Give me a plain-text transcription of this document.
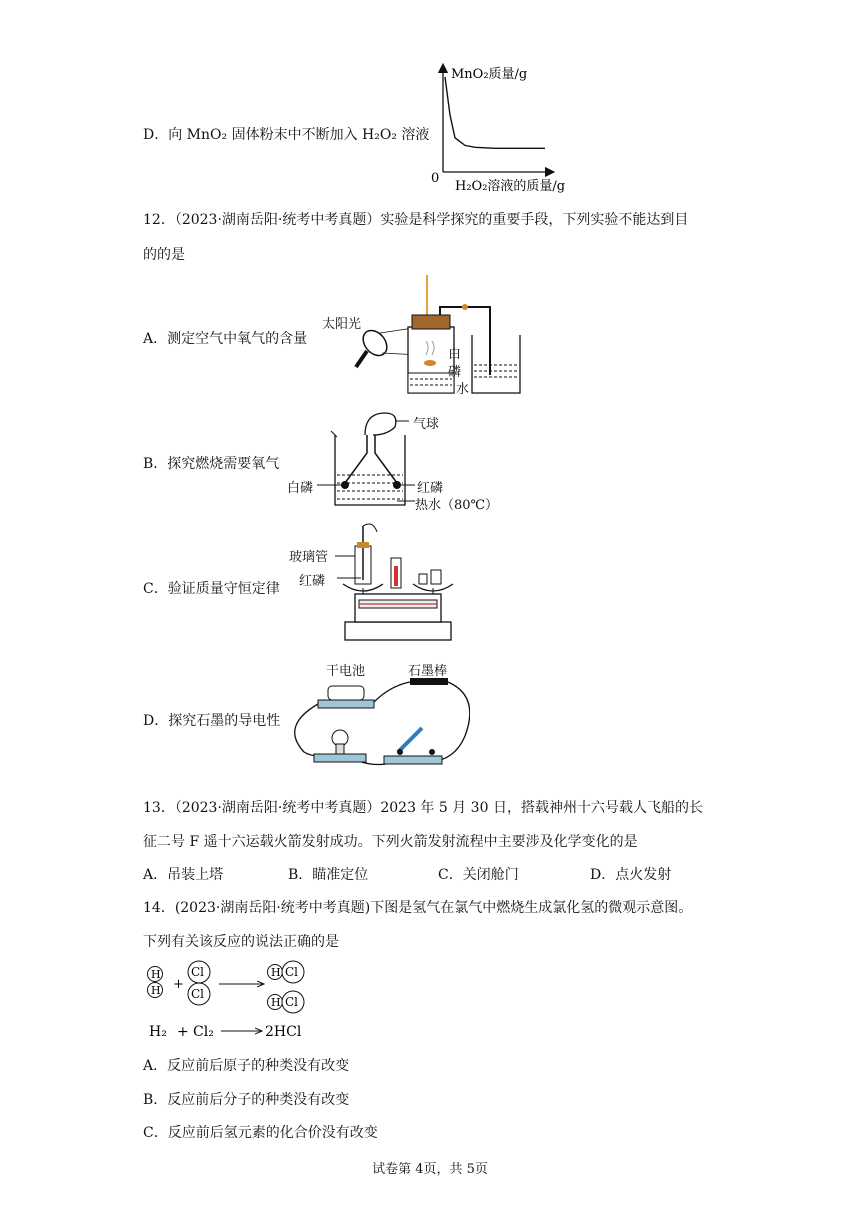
D．向 MnO₂ 固体粉末中不断加入 H₂O₂ 溶液
MnO₂质量/g
0
H₂O₂溶液的质量/g
12．（2023·湖南岳阳·统考中考真题）实验是科学探究的重要手段，下列实验不能达到目
的的是
A．测定空气中氧气的含量
太阳光
白
磷
水
B．探究燃烧需要氧气
气球
白磷	红磷
热水（80℃）
C．验证质量守恒定律
玻璃管
红磷
D．探究石墨的导电性
干电池	石墨棒
13．（2023·湖南岳阳·统考中考真题）2023 年 5 月 30 日，搭载神州十六号载人飞船的长
征二号 F 遥十六运载火箭发射成功。下列火箭发射流程中主要涉及化学变化的是
A．吊装上塔	B．瞄准定位	C．关闭舱门	D．点火发射
14．(2023·湖南岳阳·统考中考真题)下图是氢气在氯气中燃烧生成氯化氢的微观示意图。
下列有关该反应的说法正确的是
H
H +
Cl
Cl
H Cl
H Cl
H₂ + Cl₂	2HCl
A．反应前后原子的种类没有改变
B．反应前后分子的种类没有改变
C．反应前后氢元素的化合价没有改变
试卷第 4页，共 5页
